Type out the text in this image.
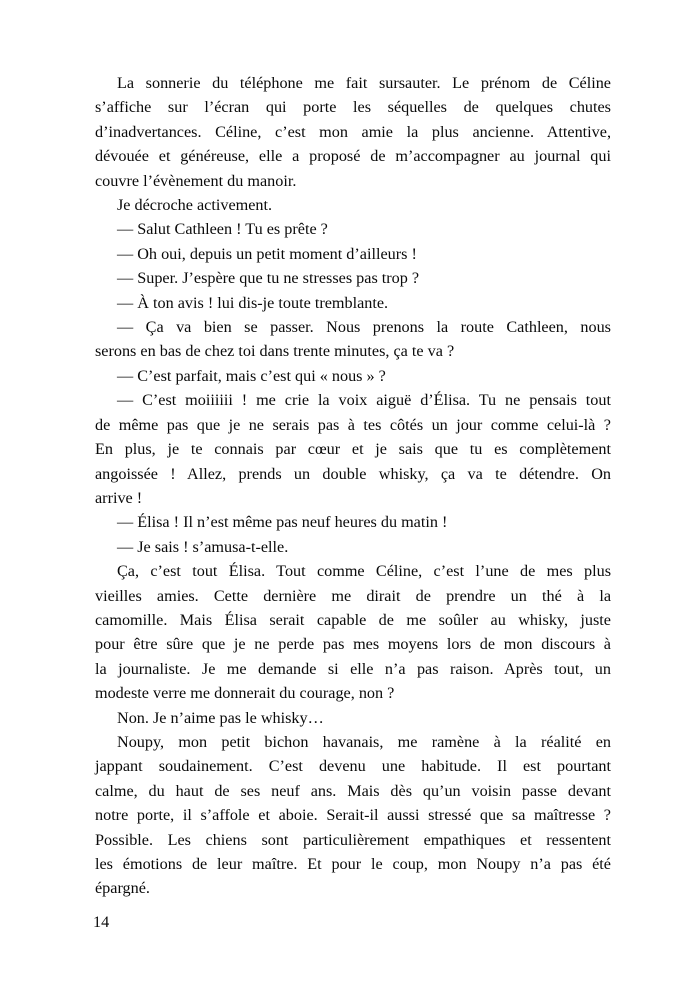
La sonnerie du téléphone me fait sursauter. Le prénom de Céline
s’affiche sur l’écran qui porte les séquelles de quelques chutes
d’inadvertances. Céline, c’est mon amie la plus ancienne. Attentive,
dévouée et généreuse, elle a proposé de m’accompagner au journal qui
couvre l’évènement du manoir.
Je décroche activement.
— Salut Cathleen ! Tu es prête ?
— Oh oui, depuis un petit moment d’ailleurs !
— Super. J’espère que tu ne stresses pas trop ?
— À ton avis ! lui dis-je toute tremblante.
— Ça va bien se passer. Nous prenons la route Cathleen, nous
serons en bas de chez toi dans trente minutes, ça te va ?
— C’est parfait, mais c’est qui « nous » ?
— C’est moiiiiii ! me crie la voix aiguë d’Élisa. Tu ne pensais tout
de même pas que je ne serais pas à tes côtés un jour comme celui-là ?
En plus, je te connais par cœur et je sais que tu es complètement
angoissée ! Allez, prends un double whisky, ça va te détendre. On
arrive !
— Élisa ! Il n’est même pas neuf heures du matin !
— Je sais ! s’amusa-t-elle.
Ça, c’est tout Élisa. Tout comme Céline, c’est l’une de mes plus
vieilles amies. Cette dernière me dirait de prendre un thé à la
camomille. Mais Élisa serait capable de me soûler au whisky, juste
pour être sûre que je ne perde pas mes moyens lors de mon discours à
la journaliste. Je me demande si elle n’a pas raison. Après tout, un
modeste verre me donnerait du courage, non ?
Non. Je n’aime pas le whisky…
Noupy, mon petit bichon havanais, me ramène à la réalité en
jappant soudainement. C’est devenu une habitude. Il est pourtant
calme, du haut de ses neuf ans. Mais dès qu’un voisin passe devant
notre porte, il s’affole et aboie. Serait-il aussi stressé que sa maîtresse ?
Possible. Les chiens sont particulièrement empathiques et ressentent
les émotions de leur maître. Et pour le coup, mon Noupy n’a pas été
épargné.
14
